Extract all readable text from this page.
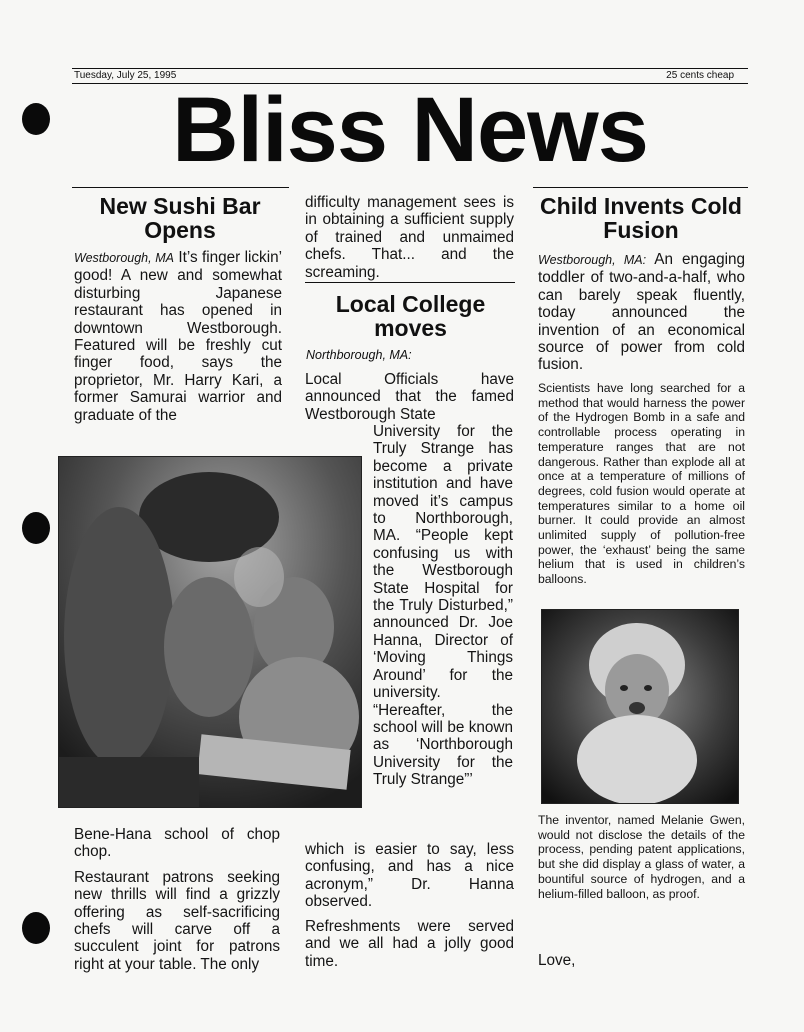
Tuesday, July 25, 1995	25 cents cheap
Bliss News
New Sushi Bar Opens

Westborough, MA It’s finger lickin’ good! A new and somewhat disturbing Japanese restaurant has opened in downtown Westborough. Featured will be freshly cut finger food, says the proprietor, Mr. Harry Kari, a former Samurai warrior and graduate of the

Bene-Hana school of chop chop.

Restaurant patrons seeking new thrills will find a grizzly offering as self-sacrificing chefs will carve off a succulent joint for patrons right at your table. The only

difficulty management sees is in obtaining a sufficient supply of trained and unmaimed chefs. That... and the screaming.
Local College moves
Northborough, MA:
Local Officials have announced that the famed Westborough State
University for the Truly Strange has become a private institution and have moved it’s campus to Northborough, MA. “People kept confusing us with the Westborough State Hospital for the Truly Disturbed,” announced Dr. Joe Hanna, Director of ‘Moving Things Around’ for the university. “Hereafter, the school will be known as ‘Northborough University for the Truly Strange”’
which is easier to say, less confusing, and has a nice acronym,” Dr. Hanna observed.
Refreshments were served and we all had a jolly good time.
Child Invents Cold Fusion

Westborough, MA: An engaging toddler of two-and-a-half, who can barely speak fluently, today announced the invention of an economical source of power from cold fusion.

Scientists have long searched for a method that would harness the power of the Hydrogen Bomb in a safe and controllable process operating in temperature ranges that are not dangerous. Rather than explode all at once at a temperature of millions of degrees, cold fusion would operate at temperatures similar to a home oil burner. It could provide an almost unlimited supply of pollution-free power, the ‘exhaust’ being the same helium that is used in children’s balloons.
The inventor, named Melanie Gwen, would not disclose the details of the process, pending patent applications, but she did display a glass of water, a bountiful source of hydrogen, and a helium-filled balloon, as proof.
Love,
